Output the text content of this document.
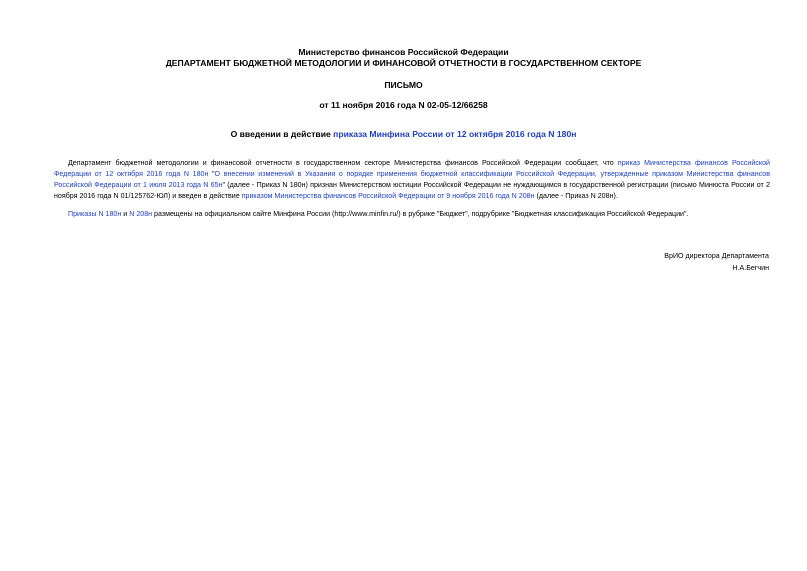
Министерство финансов Российской Федерации
ДЕПАРТАМЕНТ БЮДЖЕТНОЙ МЕТОДОЛОГИИ И ФИНАНСОВОЙ ОТЧЕТНОСТИ В ГОСУДАРСТВЕННОМ СЕКТОРЕ
ПИСЬМО
от 11 ноября 2016 года N 02-05-12/66258
О введении в действие приказа Минфина России от 12 октября 2016 года N 180н
Департамент бюджетной методологии и финансовой отчетности в государственном секторе Министерства финансов Российской Федерации сообщает, что приказ Министерства финансов Российской Федерации от 12 октября 2016 года N 180н "О внесении изменений в Указания о порядке применения бюджетной классификации Российской Федерации, утвержденные приказом Министерства финансов Российской Федерации от 1 июля 2013 года N 65н" (далее - Приказ N 180н) признан Министерством юстиции Российской Федерации не нуждающимся в государственной регистрации (письмо Минюста России от 2 ноября 2016 года N 01/125762-ЮЛ) и введен в действие приказом Министерства финансов Российской Федерации от 9 ноября 2016 года N 208н (далее - Приказ N 208н).
Приказы N 180н и N 208н размещены на официальном сайте Минфина России (http://www.minfin.ru/) в рубрике "Бюджет", подрубрике "Бюджетная классификация Российской Федерации".
ВрИО директора Департамента
Н.А.Бегчин
